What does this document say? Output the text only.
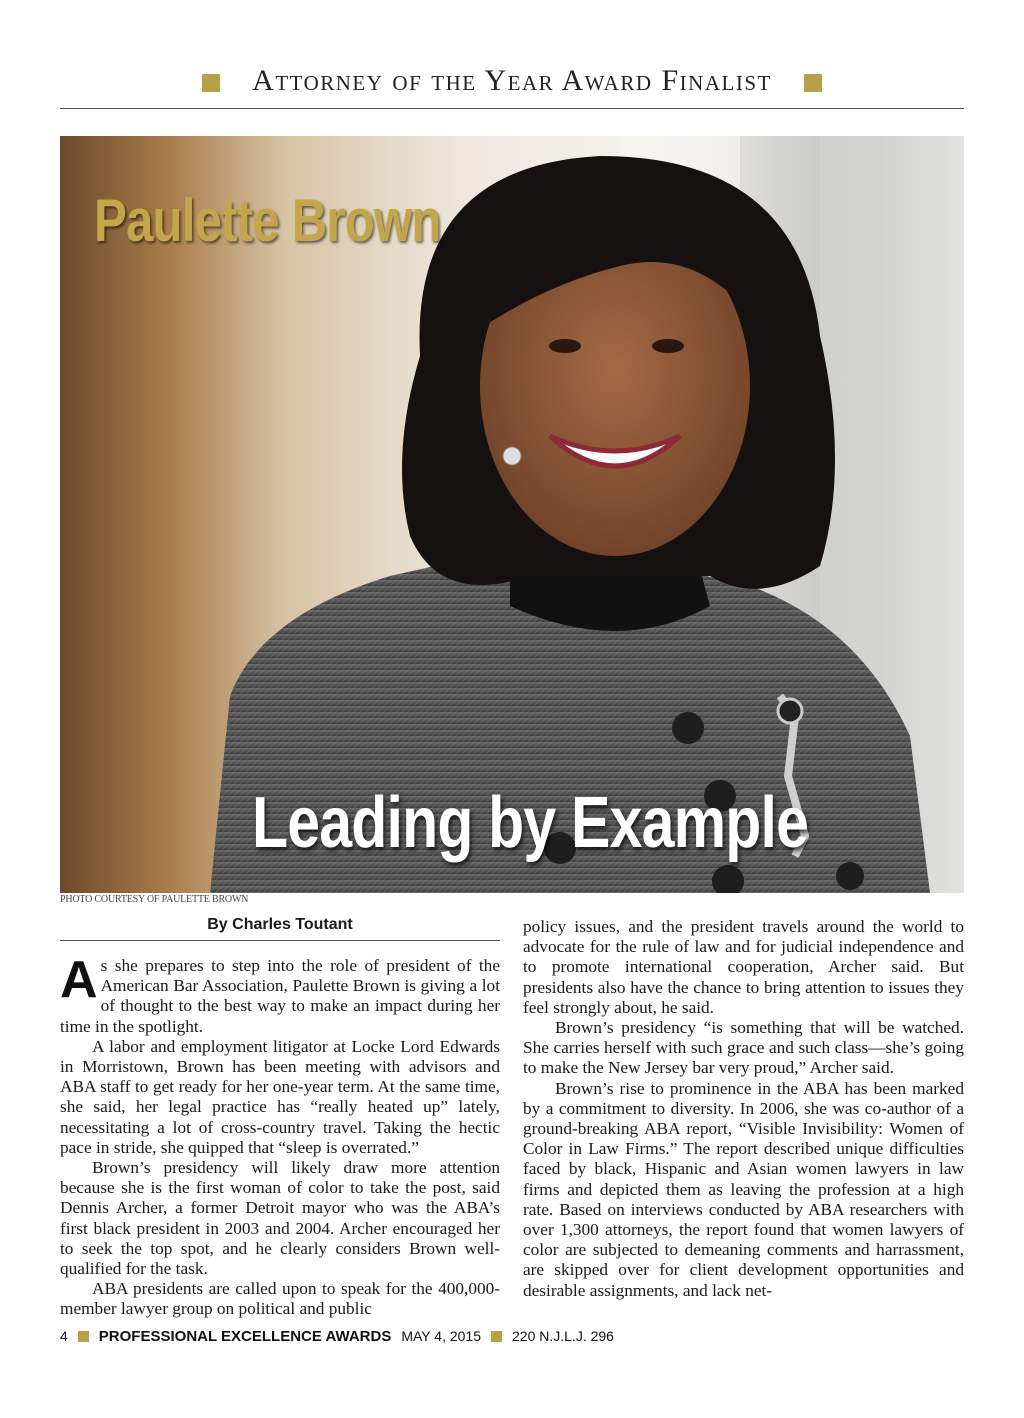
Attorney of the Year Award Finalist
Paulette Brown
Leading by Example
PHOTO COURTESY OF PAULETTE BROWN
By Charles Toutant

As she prepares to step into the role of president of the American Bar Association, Paulette Brown is giving a lot of thought to the best way to make an impact during her time in the spotlight.

A labor and employment litigator at Locke Lord Edwards in Morristown, Brown has been meeting with advisors and ABA staff to get ready for her one-year term. At the same time, she said, her legal practice has “really heated up” lately, necessitating a lot of cross-country travel. Taking the hectic pace in stride, she quipped that “sleep is overrated.”

Brown’s presidency will likely draw more attention because she is the first woman of color to take the post, said Dennis Archer, a former Detroit mayor who was the ABA’s first black president in 2003 and 2004. Archer encouraged her to seek the top spot, and he clearly considers Brown well-qualified for the task.

ABA presidents are called upon to speak for the 400,000-member lawyer group on political and public

policy issues, and the president travels around the world to advocate for the rule of law and for judicial independence and to promote international cooperation, Archer said. But presidents also have the chance to bring attention to issues they feel strongly about, he said.

Brown’s presidency “is something that will be watched. She carries herself with such grace and such class—she’s going to make the New Jersey bar very proud,” Archer said.

Brown’s rise to prominence in the ABA has been marked by a commitment to diversity. In 2006, she was co-author of a ground-breaking ABA report, “Visible Invisibility: Women of Color in Law Firms.” The report described unique difficulties faced by black, Hispanic and Asian women lawyers in law firms and depicted them as leaving the profession at a high rate. Based on interviews conducted by ABA researchers with over 1,300 attorneys, the report found that women lawyers of color are subjected to demeaning comments and harrassment, are skipped over for client development opportunities and desirable assignments, and lack net-

4 PROFESSIONAL EXCELLENCE AWARDS MAY 4, 2015 220 N.J.L.J. 296
